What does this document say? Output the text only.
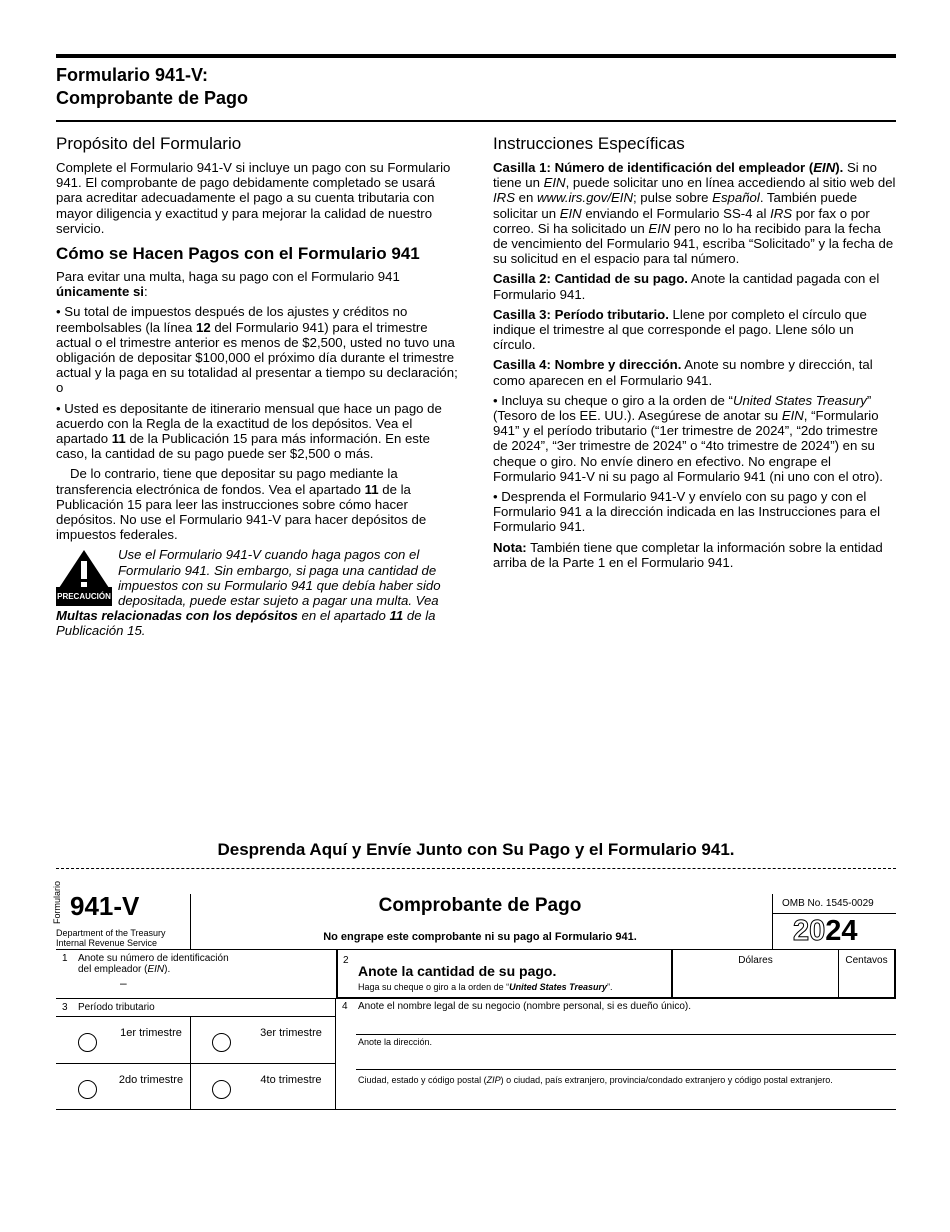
Formulario 941-V:
Comprobante de Pago
Propósito del Formulario

Complete el Formulario 941-V si incluye un pago con su Formulario 941. El comprobante de pago debidamente completado se usará para acreditar adecuadamente el pago a su cuenta tributaria con mayor diligencia y exactitud y para mejorar la calidad de nuestro servicio.

Cómo se Hacen Pagos con el Formulario 941

Para evitar una multa, haga su pago con el Formulario 941 únicamente si:

• Su total de impuestos después de los ajustes y créditos no reembolsables (la línea 12 del Formulario 941) para el trimestre actual o el trimestre anterior es menos de $2,500, usted no tuvo una obligación de depositar $100,000 el próximo día durante el trimestre actual y la paga en su totalidad al presentar a tiempo su declaración; o

• Usted es depositante de itinerario mensual que hace un pago de acuerdo con la Regla de la exactitud de los depósitos. Vea el apartado 11 de la Publicación 15 para más información. En este caso, la cantidad de su pago puede ser $2,500 o más.

De lo contrario, tiene que depositar su pago mediante la transferencia electrónica de fondos. Vea el apartado 11 de la Publicación 15 para leer las instrucciones sobre cómo hacer depósitos. No use el Formulario 941-V para hacer depósitos de impuestos federales.

PRECAUCIÓN
Use el Formulario 941-V cuando haga pagos con el Formulario 941. Sin embargo, si paga una cantidad de impuestos con su Formulario 941 que debía haber sido depositada, puede estar sujeto a pagar una multa. Vea Multas relacionadas con los depósitos en el apartado 11 de la Publicación 15.
Instrucciones Específicas

Casilla 1: Número de identificación del empleador (EIN). Si no tiene un EIN, puede solicitar uno en línea accediendo al sitio web del IRS en www.irs.gov/EIN; pulse sobre Español. También puede solicitar un EIN enviando el Formulario SS-4 al IRS por fax o por correo. Si ha solicitado un EIN pero no lo ha recibido para la fecha de vencimiento del Formulario 941, escriba “Solicitado” y la fecha de su solicitud en el espacio para tal número.

Casilla 2: Cantidad de su pago. Anote la cantidad pagada con el Formulario 941.

Casilla 3: Período tributario. Llene por completo el círculo que indique el trimestre al que corresponde el pago. Llene sólo un círculo.

Casilla 4: Nombre y dirección. Anote su nombre y dirección, tal como aparecen en el Formulario 941.

• Incluya su cheque o giro a la orden de “United States Treasury” (Tesoro de los EE. UU.). Asegúrese de anotar su EIN, “Formulario 941” y el período tributario (“1er trimestre de 2024”, “2do trimestre de 2024”, “3er trimestre de 2024” o “4to trimestre de 2024”) en su cheque o giro. No envíe dinero en efectivo. No engrape el Formulario 941-V ni su pago al Formulario 941 (ni uno con el otro).

• Desprenda el Formulario 941-V y envíelo con su pago y con el Formulario 941 a la dirección indicada en las Instrucciones para el Formulario 941.

Nota: También tiene que completar la información sobre la entidad arriba de la Parte 1 en el Formulario 941.

Desprenda Aquí y Envíe Junto con Su Pago y el Formulario 941.
Formulario 941-V
Department of the Treasury
Internal Revenue Service
Comprobante de Pago
No engrape este comprobante ni su pago al Formulario 941.
OMB No. 1545-0029
2024
1 Anote su número de identificación
del empleador (EIN).
–
2
Anote la cantidad de su pago.
Haga su cheque o giro a la orden de “United States Treasury”.
Dólares	Centavos
3 Período tributario
1er trimestre	3er trimestre
2do trimestre	4to trimestre
4 Anote el nombre legal de su negocio (nombre personal, si es dueño único).
Anote la dirección.
Ciudad, estado y código postal (ZIP) o ciudad, país extranjero, provincia/condado extranjero y código postal extranjero.
